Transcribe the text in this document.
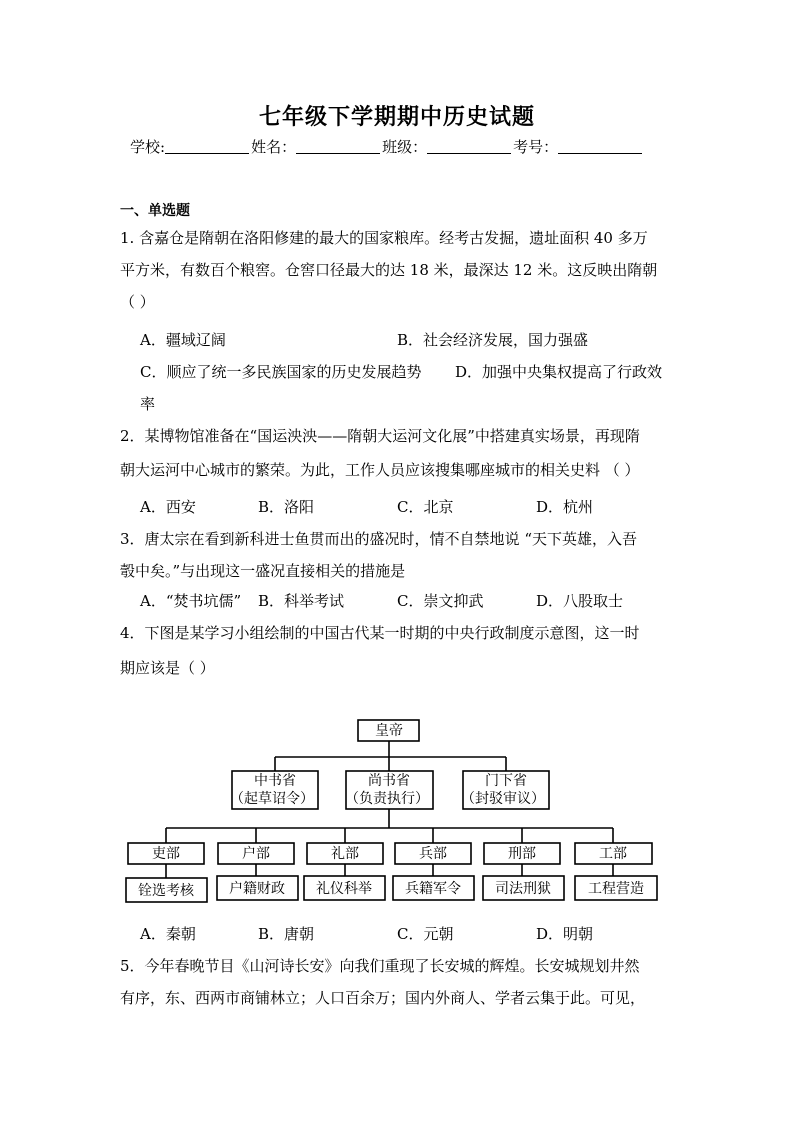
七年级下学期期中历史试题
学校:	姓名：	班级：	考号：
一、单选题
1. 含嘉仓是隋朝在洛阳修建的最大的国家粮库。经考古发掘，遗址面积 40 多万
平方米，有数百个粮窖。仓窖口径最大的达 18 米，最深达 12 米。这反映出隋朝
（ ）
A．疆域辽阔	B．社会经济发展，国力强盛
C．顺应了统一多民族国家的历史发展趋势 D．加强中央集权提高了行政效
率
2．某博物馆准备在“国运泱泱——隋朝大运河文化展”中搭建真实场景，再现隋
朝大运河中心城市的繁荣。为此，工作人员应该搜集哪座城市的相关史料 （ ）
A．西安	B．洛阳	C．北京	D．杭州
3．唐太宗在看到新科进士鱼贯而出的盛况时，情不自禁地说 “天下英雄，入吾
彀中矣。”与出现这一盛况直接相关的措施是
A．“焚书坑儒” B．科举考试	C．崇文抑武	D．八股取士
4．下图是某学习小组绘制的中国古代某一时期的中央行政制度示意图，这一时
期应该是（ ）
皇帝
中书省
（起草诏令）
尚书省
（负责执行）
门下省
（封驳审议）
吏部	户部	礼部	兵部	刑部	工部
铨选考核	户籍财政 礼仪科举 兵籍军令 司法刑狱	工程营造
A．秦朝	B．唐朝	C．元朝	D．明朝
5．今年春晚节目《山河诗长安》向我们重现了长安城的辉煌。长安城规划井然
有序，东、西两市商铺林立；人口百余万；国内外商人、学者云集于此。可见，
